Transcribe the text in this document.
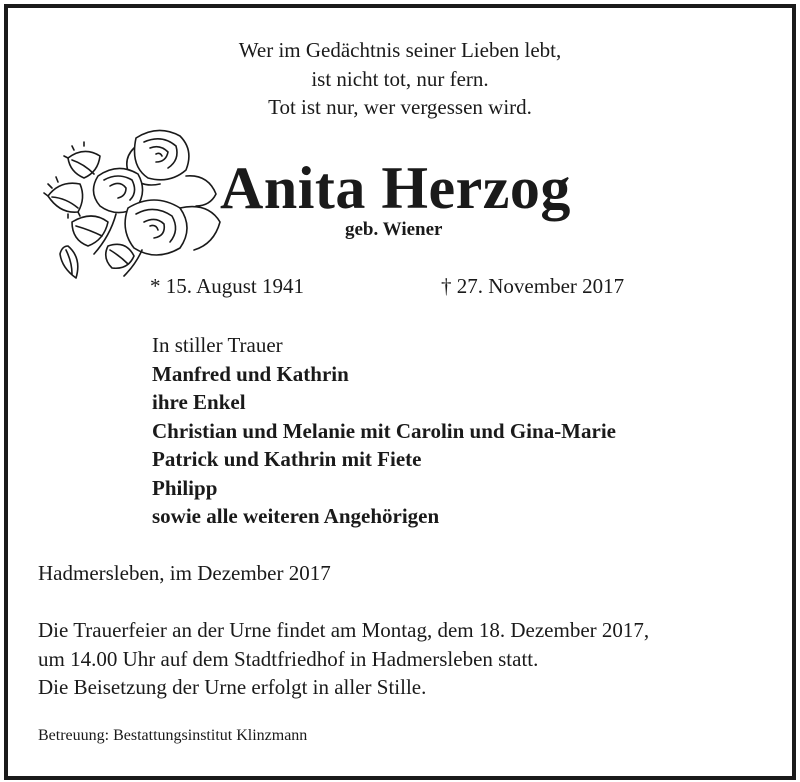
Wer im Gedächtnis seiner Lieben lebt,
ist nicht tot, nur fern.
Tot ist nur, wer vergessen wird.
Anita Herzog
geb. Wiener
* 15. August 1941	† 27. November 2017
In stiller Trauer
Manfred und Kathrin
ihre Enkel
Christian und Melanie mit Carolin und Gina-Marie
Patrick und Kathrin mit Fiete
Philipp
sowie alle weiteren Angehörigen
Hadmersleben, im Dezember 2017
Die Trauerfeier an der Urne findet am Montag, dem 18. Dezember 2017,
um 14.00 Uhr auf dem Stadtfriedhof in Hadmersleben statt.
Die Beisetzung der Urne erfolgt in aller Stille.
Betreuung: Bestattungsinstitut Klinzmann
